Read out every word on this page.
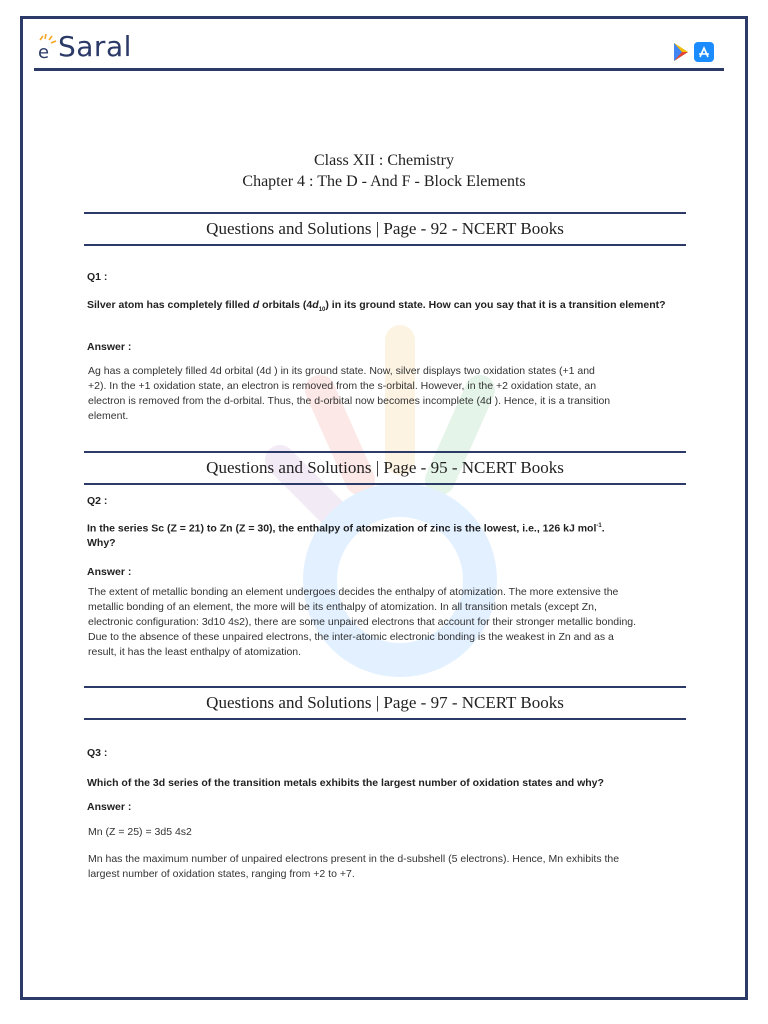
e Saral
Class XII : Chemistry
Chapter 4 : The D - And F - Block Elements
Questions and Solutions | Page - 92 - NCERT Books
Q1 :
Silver atom has completely filled d orbitals $(4d_{10})$ in its ground state. How can you say that it is a transition element?
Answer :
Ag has a completely filled 4d orbital (4d ) in its ground state. Now, silver displays two oxidation states (+1 and
+2). In the +1 oxidation state, an electron is removed from the s-orbital. However, in the +2 oxidation state, an
electron is removed from the d-orbital. Thus, the d-orbital now becomes incomplete (4d ). Hence, it is a transition
element.
Questions and Solutions | Page - 95 - NCERT Books
Q2 :
In the series Sc (Z = 21) to Zn (Z = 30), the enthalpy of atomization of zinc is the lowest, i.e., 126 kJ mol$^{-1}$.
Why?
Answer :
The extent of metallic bonding an element undergoes decides the enthalpy of atomization. The more extensive the
metallic bonding of an element, the more will be its enthalpy of atomization. In all transition metals (except Zn,
electronic configuration: 3d10 4s2), there are some unpaired electrons that account for their stronger metallic bonding.
Due to the absence of these unpaired electrons, the inter-atomic electronic bonding is the weakest in Zn and as a
result, it has the least enthalpy of atomization.
Questions and Solutions | Page - 97 - NCERT Books
Q3 :
Which of the 3d series of the transition metals exhibits the largest number of oxidation states and why?
Answer :
Mn (Z = 25) = 3d5 4s2
Mn has the maximum number of unpaired electrons present in the d-subshell (5 electrons). Hence, Mn exhibits the
largest number of oxidation states, ranging from +2 to +7.
